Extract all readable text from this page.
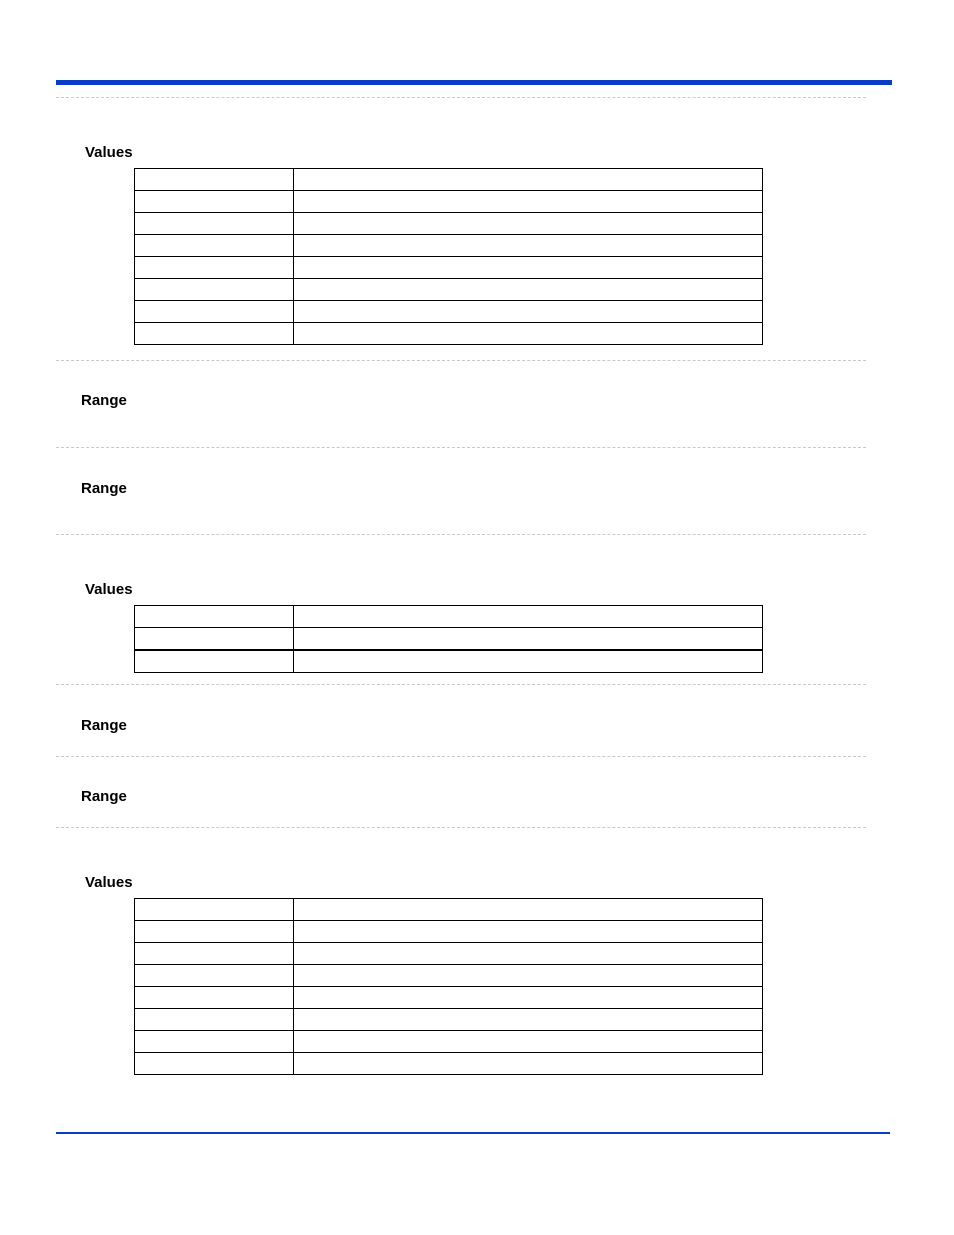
Values

Range
Range
Values

Range
Range
Values
